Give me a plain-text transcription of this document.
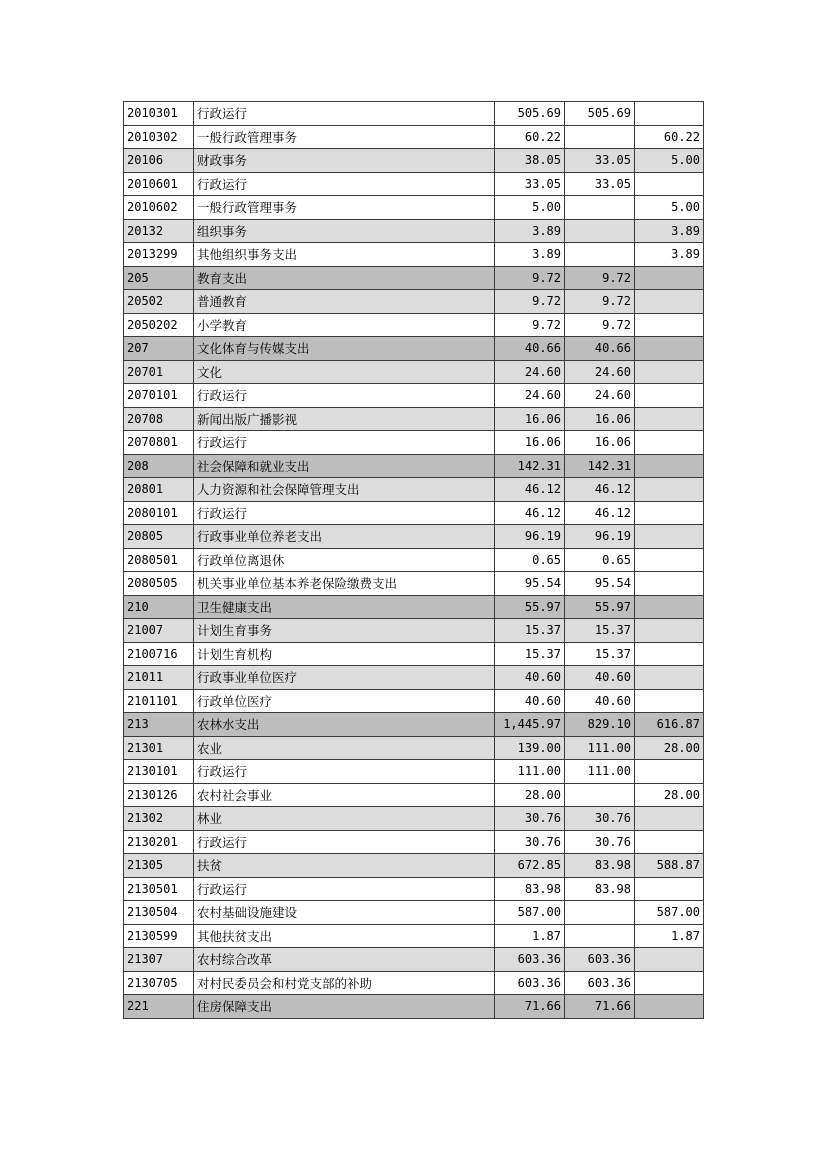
2010301	行政运行	505.69	505.69	
2010302	一般行政管理事务	60.22		60.22
20106	财政事务	38.05	33.05	5.00
2010601	行政运行	33.05	33.05	
2010602	一般行政管理事务	5.00		5.00
20132	组织事务	3.89		3.89
2013299	其他组织事务支出	3.89		3.89
205	教育支出	9.72	9.72	
20502	普通教育	9.72	9.72	
2050202	小学教育	9.72	9.72	
207	文化体育与传媒支出	40.66	40.66	
20701	文化	24.60	24.60	
2070101	行政运行	24.60	24.60	
20708	新闻出版广播影视	16.06	16.06	
2070801	行政运行	16.06	16.06	
208	社会保障和就业支出	142.31	142.31	
20801	人力资源和社会保障管理支出	46.12	46.12	
2080101	行政运行	46.12	46.12	
20805	行政事业单位养老支出	96.19	96.19	
2080501	行政单位离退休	0.65	0.65	
2080505	机关事业单位基本养老保险缴费支出	95.54	95.54	
210	卫生健康支出	55.97	55.97	
21007	计划生育事务	15.37	15.37	
2100716	计划生育机构	15.37	15.37	
21011	行政事业单位医疗	40.60	40.60	
2101101	行政单位医疗	40.60	40.60	
213	农林水支出	1,445.97	829.10	616.87
21301	农业	139.00	111.00	28.00
2130101	行政运行	111.00	111.00	
2130126	农村社会事业	28.00		28.00
21302	林业	30.76	30.76	
2130201	行政运行	30.76	30.76	
21305	扶贫	672.85	83.98	588.87
2130501	行政运行	83.98	83.98	
2130504	农村基础设施建设	587.00		587.00
2130599	其他扶贫支出	1.87		1.87
21307	农村综合改革	603.36	603.36	
2130705	对村民委员会和村党支部的补助	603.36	603.36	
221	住房保障支出	71.66	71.66	
